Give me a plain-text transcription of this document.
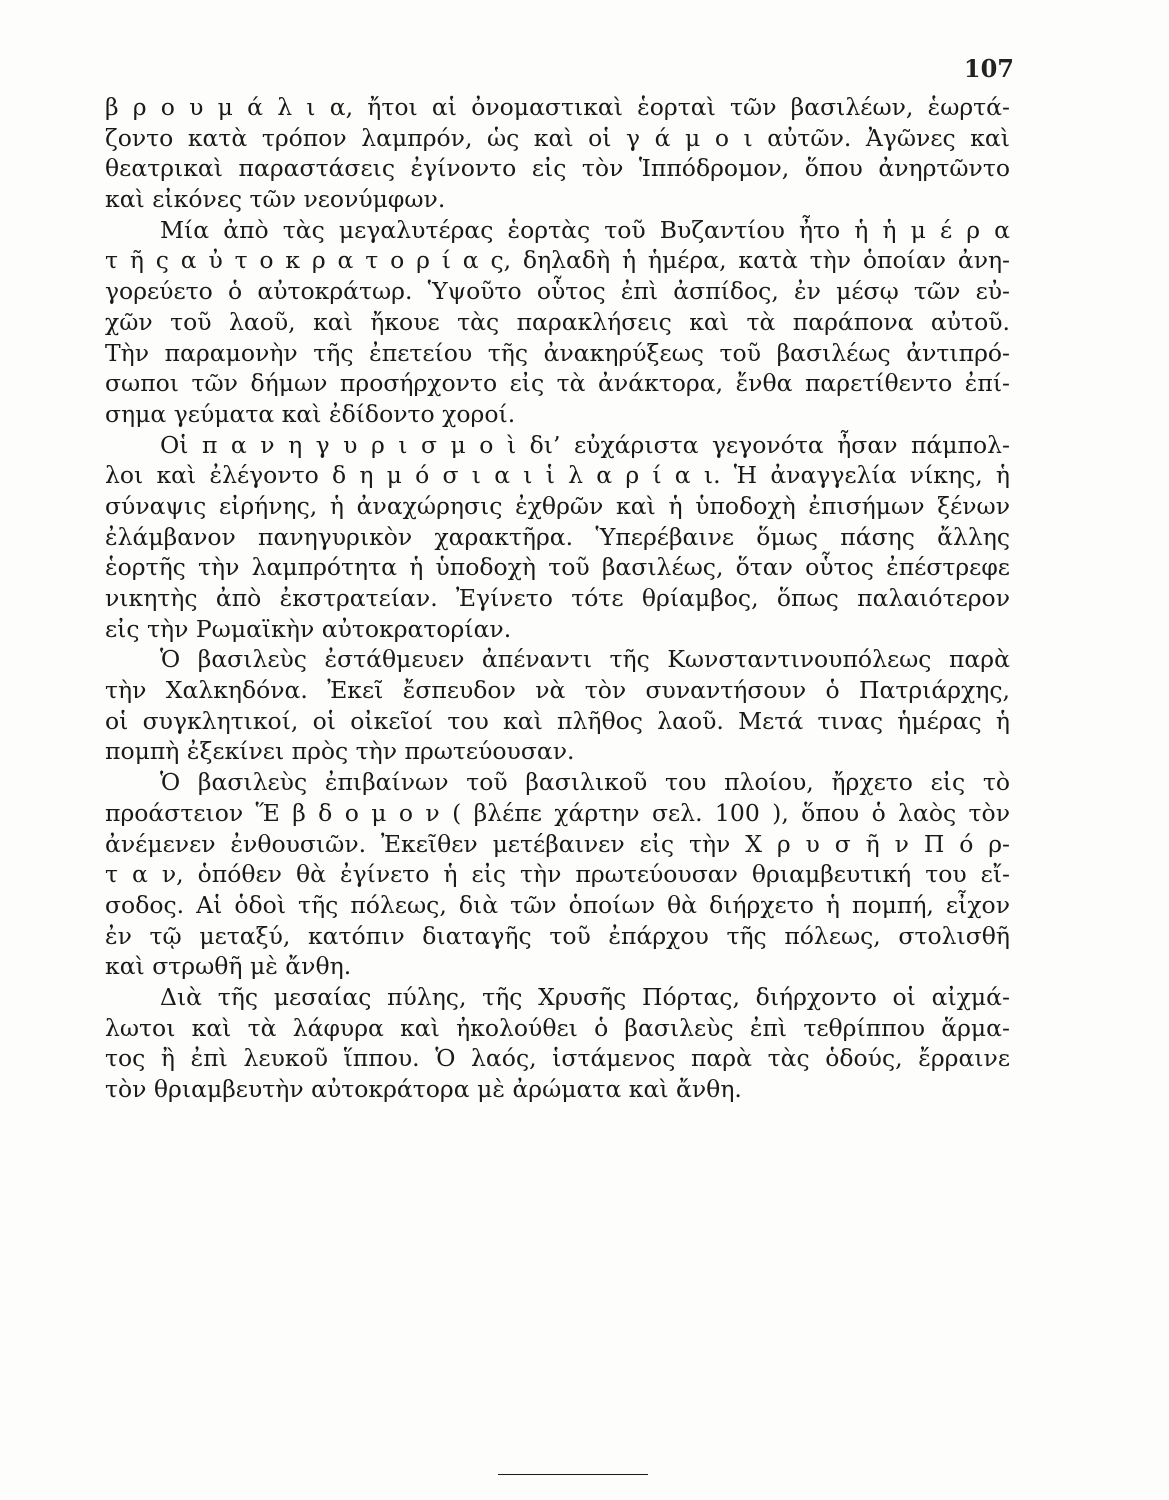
107
β ρ ο υ μ ά λ ι α, ἤτοι αἱ ὀνομαστικαὶ ἑορταὶ τῶν βασιλέων, ἑωρτά-
ζοντο κατὰ τρόπον λαμπρόν, ὡς καὶ οἱ γ ά μ ο ι αὐτῶν. Ἀγῶνες καὶ
θεατρικαὶ παραστάσεις ἐγίνοντο εἰς τὸν Ἱππόδρομον, ὅπου ἀνηρτῶντο
καὶ εἰκόνες τῶν νεονύμφων.
Μία ἀπὸ τὰς μεγαλυτέρας ἑορτὰς τοῦ Βυζαντίου ἦτο ἡ ἡ μ έ ρ α
τ ῆ ς α ὐ τ ο κ ρ α τ ο ρ ί α ς, δηλαδὴ ἡ ἡμέρα, κατὰ τὴν ὁποίαν ἀνη-
γορεύετο ὁ αὐτοκράτωρ. Ὑψοῦτο οὗτος ἐπὶ ἀσπίδος, ἐν μέσῳ τῶν εὐ-
χῶν τοῦ λαοῦ, καὶ ἤκουε τὰς παρακλήσεις καὶ τὰ παράπονα αὐτοῦ.
Τὴν παραμονὴν τῆς ἐπετείου τῆς ἀνακηρύξεως τοῦ βασιλέως ἀντιπρό-
σωποι τῶν δήμων προσήρχοντο εἰς τὰ ἀνάκτορα, ἔνθα παρετίθεντο ἐπί-
σημα γεύματα καὶ ἐδίδοντο χοροί.
Οἱ π α ν η γ υ ρ ι σ μ ο ὶ δι’ εὐχάριστα γεγονότα ἦσαν πάμπολ-
λοι καὶ ἐλέγοντο δ η μ ό σ ι α ι ἱ λ α ρ ί α ι. Ἡ ἀναγγελία νίκης, ἡ
σύναψις εἰρήνης, ἡ ἀναχώρησις ἐχθρῶν καὶ ἡ ὑποδοχὴ ἐπισήμων ξένων
ἐλάμβανον πανηγυρικὸν χαρακτῆρα. Ὑπερέβαινε ὅμως πάσης ἄλλης
ἑορτῆς τὴν λαμπρότητα ἡ ὑποδοχὴ τοῦ βασιλέως, ὅταν οὗτος ἐπέστρεφε
νικητὴς ἀπὸ ἐκστρατείαν. Ἐγίνετο τότε θρίαμβος, ὅπως παλαιότερον
εἰς τὴν Ρωμαϊκὴν αὐτοκρατορίαν.
Ὁ βασιλεὺς ἐστάθμευεν ἀπέναντι τῆς Κωνσταντινουπόλεως παρὰ
τὴν Χαλκηδόνα. Ἐκεῖ ἔσπευδον νὰ τὸν συναντήσουν ὁ Πατριάρχης,
οἱ συγκλητικοί, οἱ οἰκεῖοί του καὶ πλῆθος λαοῦ. Μετά τινας ἡμέρας ἡ
πομπὴ ἐξεκίνει πρὸς τὴν πρωτεύουσαν.
Ὁ βασιλεὺς ἐπιβαίνων τοῦ βασιλικοῦ του πλοίου, ἤρχετο εἰς τὸ
προάστειον Ἕ β δ ο μ ο ν ( βλέπε χάρτην σελ. 100 ), ὅπου ὁ λαὸς τὸν
ἀνέμενεν ἐνθουσιῶν. Ἐκεῖθεν μετέβαινεν εἰς τὴν Χ ρ υ σ ῆ ν Π ό ρ-
τ α ν, ὁπόθεν θὰ ἐγίνετο ἡ εἰς τὴν πρωτεύουσαν θριαμβευτική του εἴ-
σοδος. Αἱ ὁδοὶ τῆς πόλεως, διὰ τῶν ὁποίων θὰ διήρχετο ἡ πομπή, εἶχον
ἐν τῷ μεταξύ, κατόπιν διαταγῆς τοῦ ἐπάρχου τῆς πόλεως, στολισθῆ
καὶ στρωθῆ μὲ ἄνθη.
Διὰ τῆς μεσαίας πύλης, τῆς Χρυσῆς Πόρτας, διήρχοντο οἱ αἰχμά-
λωτοι καὶ τὰ λάφυρα καὶ ἠκολούθει ὁ βασιλεὺς ἐπὶ τεθρίππου ἅρμα-
τος ἢ ἐπὶ λευκοῦ ἵππου. Ὁ λαός, ἱστάμενος παρὰ τὰς ὁδούς, ἔρραινε
τὸν θριαμβευτὴν αὐτοκράτορα μὲ ἀρώματα καὶ ἄνθη.
